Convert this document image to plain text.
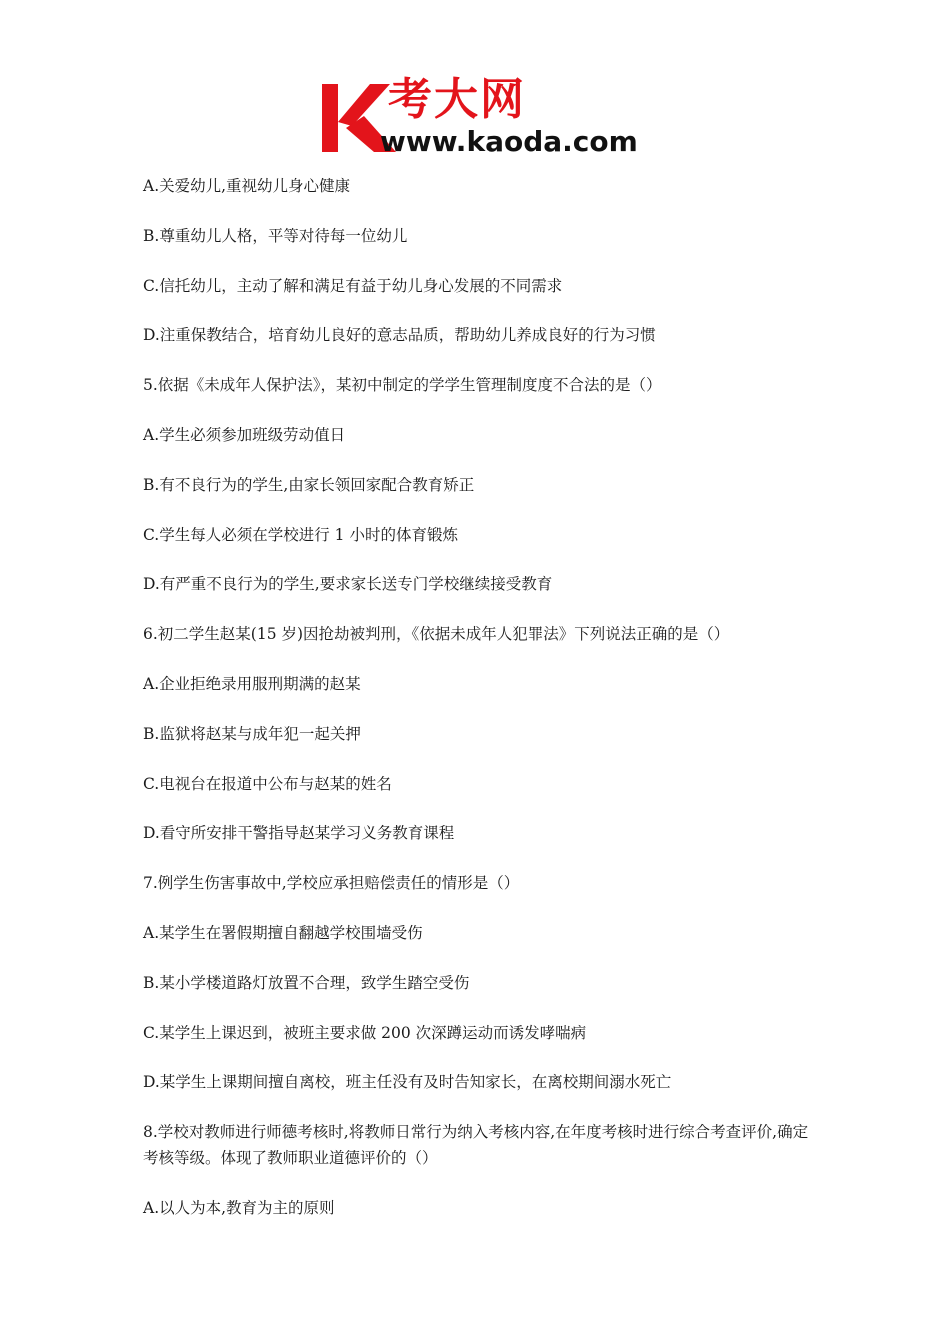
考大网
www.kaoda.com

A.关爱幼儿,重视幼儿身心健康

B.尊重幼儿人格，平等对待每一位幼儿

C.信托幼儿，主动了解和满足有益于幼儿身心发展的不同需求

D.注重保教结合，培育幼儿良好的意志品质，帮助幼儿养成良好的行为习惯

5.依据《未成年人保护法》，某初中制定的学学生管理制度度不合法的是（）

A.学生必须参加班级劳动值日

B.有不良行为的学生,由家长领回家配合教育矫正

C.学生每人必须在学校进行 1 小时的体育锻炼

D.有严重不良行为的学生,要求家长送专门学校继续接受教育

6.初二学生赵某(15 岁)因抢劫被判刑，《依据未成年人犯罪法》下列说法正确的是（）

A.企业拒绝录用服刑期满的赵某

B.监狱将赵某与成年犯一起关押

C.电视台在报道中公布与赵某的姓名

D.看守所安排干警指导赵某学习义务教育课程

7.例学生伤害事故中,学校应承担赔偿责任的情形是（）

A.某学生在署假期擅自翻越学校围墙受伤

B.某小学楼道路灯放置不合理，致学生踏空受伤

C.某学生上课迟到，被班主要求做 200 次深蹲运动而诱发哮喘病

D.某学生上课期间擅自离校，班主任没有及时告知家长，在离校期间溺水死亡

8.学校对教师进行师德考核时,将教师日常行为纳入考核内容,在年度考核时进行综合考查评价,确定考核等级。体现了教师职业道德评价的（）

A.以人为本,教育为主的原则
